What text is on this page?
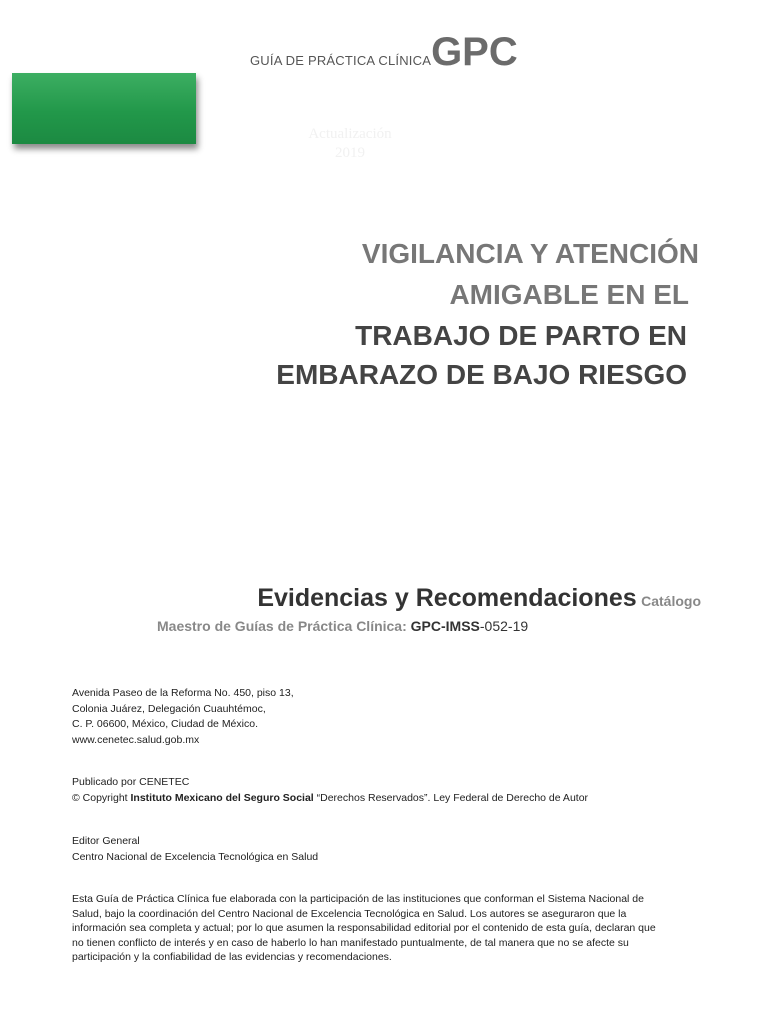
GUÍA DE PRÁCTICA CLÍNICAGPC
Actualización
2019
VIGILANCIA Y ATENCIÓN
AMIGABLE EN EL
TRABAJO DE PARTO EN
EMBARAZO DE BAJO RIESGO
Evidencias y Recomendaciones Catálogo
Maestro de Guías de Práctica Clínica: GPC-IMSS-052-19
Avenida Paseo de la Reforma No. 450, piso 13,
Colonia Juárez, Delegación Cuauhtémoc,
C. P. 06600, México, Ciudad de México.
www.cenetec.salud.gob.mx
Publicado por CENETEC
© Copyright Instituto Mexicano del Seguro Social “Derechos Reservados”. Ley Federal de Derecho de Autor
Editor General
Centro Nacional de Excelencia Tecnológica en Salud
Esta Guía de Práctica Clínica fue elaborada con la participación de las instituciones que conforman el Sistema Nacional de
Salud, bajo la coordinación del Centro Nacional de Excelencia Tecnológica en Salud. Los autores se aseguraron que la
información sea completa y actual; por lo que asumen la responsabilidad editorial por el contenido de esta guía, declaran que
no tienen conflicto de interés y en caso de haberlo lo han manifestado puntualmente, de tal manera que no se afecte su
participación y la confiabilidad de las evidencias y recomendaciones.
